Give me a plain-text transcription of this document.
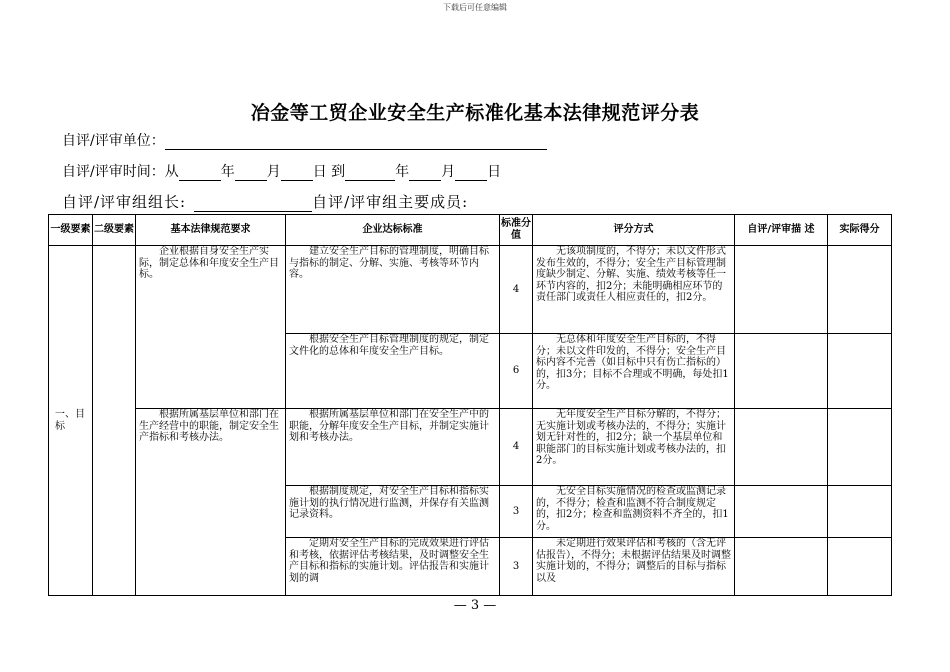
下载后可任意编辑
冶金等工贸企业安全生产标准化基本法律规范评分表
自评/评审单位：
自评/评审时间：从	年 月 日 到	年 月 日
自评/评审组组长:	自评/评审组主要成员:
一级要素	二级要素	基本法律规范要求	企业达标标准	标准分值	评分方式	自评/评审描 述	实际得分
一、目标		企业根据自身安全生产实际，制定总体和年度安全生产目标。	建立安全生产目标的管理制度，明确目标与指标的制定、分解、实施、考核等环节内容。	4	无该项制度的，不得分；未以文件形式发布生效的，不得分；安全生产目标管理制度缺少制定、分解、实施、绩效考核等任一环节内容的，扣2分；未能明确相应环节的责任部门或责任人相应责任的，扣2分。		
			根据安全生产目标管理制度的规定，制定文件化的总体和年度安全生产目标。	6	无总体和年度安全生产目标的，不得分；未以文件印发的，不得分；安全生产目标内容不完善（如目标中只有伤亡指标的）的，扣3分；目标不合理或不明确，每处扣1分。		
		根据所属基层单位和部门在生产经营中的职能，制定安全生产指标和考核办法。	根据所属基层单位和部门在安全生产中的职能，分解年度安全生产目标，并制定实施计划和考核办法。	4	无年度安全生产目标分解的，不得分；无实施计划或考核办法的，不得分；实施计划无针对性的，扣2分；缺一个基层单位和职能部门的目标实施计划或考核办法的，扣2分。		
			根据制度规定，对安全生产目标和指标实施计划的执行情况进行监测，并保存有关监测记录资料。	3	无安全目标实施情况的检查或监测记录的，不得分；检查和监测不符合制度规定的，扣2分；检查和监测资料不齐全的，扣1分。		

			定期对安全生产目标的完成效果进行评估和考核，依据评估考核结果，及时调整安全生产目标和指标的实施计划。评估报告和实施计划的调	3	未定期进行效果评估和考核的（含无评估报告），不得分；未根据评估结果及时调整实施计划的，不得分；调整后的目标与指标以及		

— 3 —
